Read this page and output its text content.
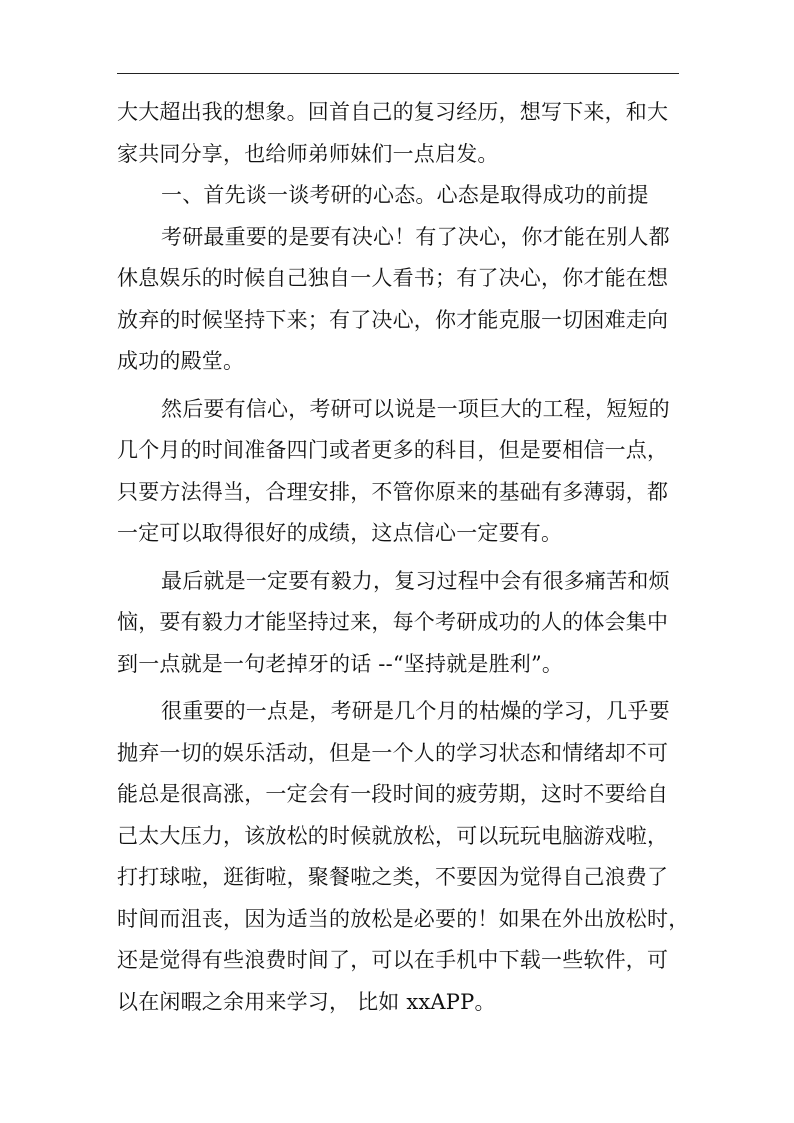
大大超出我的想象。回首自己的复习经历，想写下来，和大
家共同分享，也给师弟师妹们一点启发。
一、首先谈一谈考研的心态。心态是取得成功的前提
考研最重要的是要有决心！有了决心，你才能在别人都
休息娱乐的时候自己独自一人看书；有了决心，你才能在想
放弃的时候坚持下来；有了决心，你才能克服一切困难走向
成功的殿堂。
然后要有信心，考研可以说是一项巨大的工程，短短的
几个月的时间准备四门或者更多的科目，但是要相信一点，
只要方法得当，合理安排，不管你原来的基础有多薄弱，都
一定可以取得很好的成绩，这点信心一定要有。
最后就是一定要有毅力，复习过程中会有很多痛苦和烦
恼，要有毅力才能坚持过来，每个考研成功的人的体会集中
到一点就是一句老掉牙的话 --“坚持就是胜利”。
很重要的一点是，考研是几个月的枯燥的学习，几乎要
抛弃一切的娱乐活动，但是一个人的学习状态和情绪却不可
能总是很高涨，一定会有一段时间的疲劳期，这时不要给自
己太大压力，该放松的时候就放松，可以玩玩电脑游戏啦，
打打球啦，逛街啦，聚餐啦之类，不要因为觉得自己浪费了
时间而沮丧，因为适当的放松是必要的！如果在外出放松时，
还是觉得有些浪费时间了，可以在手机中下载一些软件，可
以在闲暇之余用来学习， 比如 xxAPP。
